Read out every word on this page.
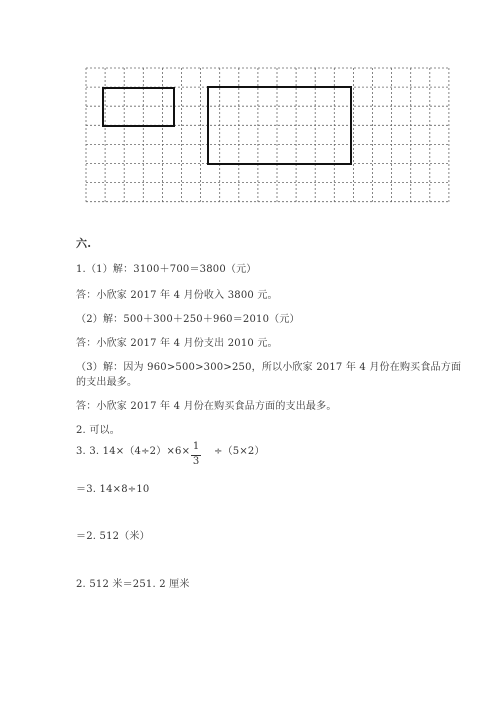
六.
1.（1）解：3100＋700＝3800（元）
答：小欣家 2017 年 4 月份收入 3800 元。
（2）解：500＋300＋250＋960＝2010（元）
答：小欣家 2017 年 4 月份支出 2010 元。
（3）解：因为 960>500>300>250，所以小欣家 2017 年 4 月份在购买食品方面
的支出最多。
答：小欣家 2017 年 4 月份在购买食品方面的支出最多。
2. 可以。
3. 3. 14×（4÷2）×6× 1
3
÷（5×2）
＝3. 14×8÷10
＝2. 512（米）
2. 512 米＝251. 2 厘米
